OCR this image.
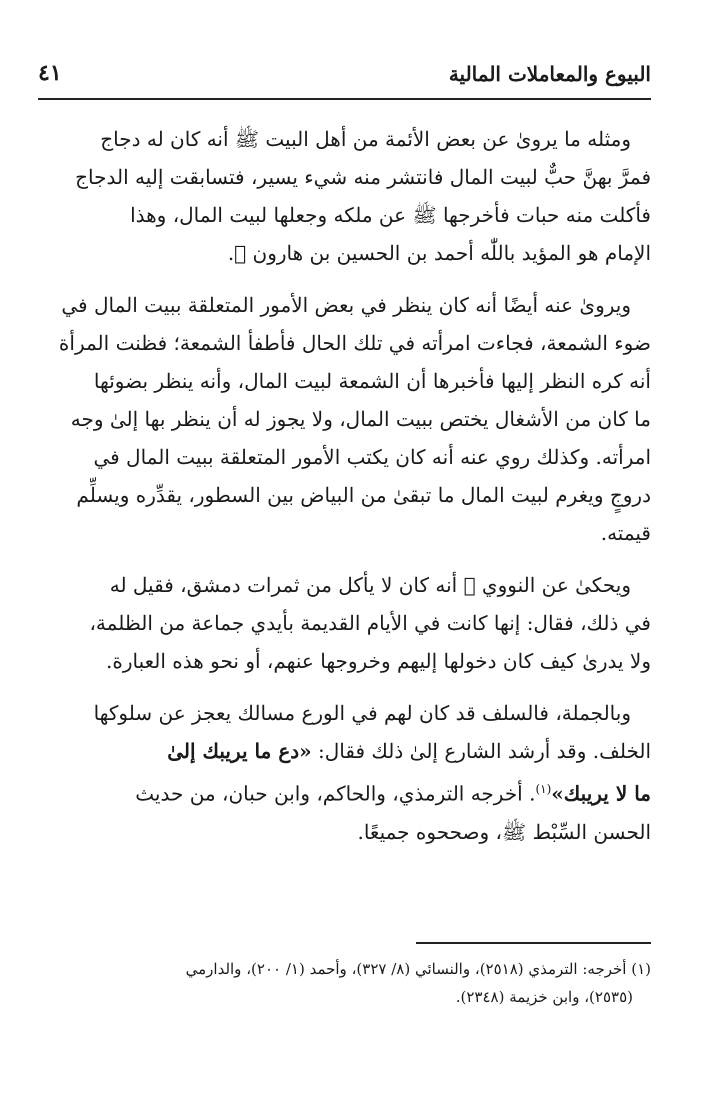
البيوع والمعاملات المالية
٤١

ومثله ما يروىٰ عن بعض الأئمة من أهل البيت ﷺ أنه كان له دجاج
فمرَّ بهنَّ حبٌّ لبيت المال فانتشر منه شيء يسير، فتسابقت إليه الدجاج
فأكلت منه حبات فأخرجها ﷺ عن ملكه وجعلها لبيت المال، وهذا
الإمام هو المؤيد باللّٰه أحمد بن الحسين بن هارون ﷬.

ويروىٰ عنه أيضًا أنه كان ينظر في بعض الأمور المتعلقة ببيت المال في
ضوء الشمعة، فجاءت امرأته في تلك الحال فأطفأ الشمعة؛ فظنت المرأة
أنه كره النظر إليها فأخبرها أن الشمعة لبيت المال، وأنه ينظر بضوئها
ما كان من الأشغال يختص ببيت المال، ولا يجوز له أن ينظر بها إلىٰ وجه
امرأته. وكذلك روي عنه أنه كان يكتب الأمور المتعلقة ببيت المال في
دروجٍ ويغرم لبيت المال ما تبقىٰ من البياض بين السطور، يقدِّره ويسلِّم
قيمته.

ويحكىٰ عن النووي ﷬ أنه كان لا يأكل من ثمرات دمشق، فقيل له
في ذلك، فقال: إنها كانت في الأيام القديمة بأيدي جماعة من الظلمة،
ولا يدرىٰ كيف كان دخولها إليهم وخروجها عنهم، أو نحو هذه العبارة.

وبالجملة، فالسلف قد كان لهم في الورع مسالك يعجز عن سلوكها
الخلف. وقد أرشد الشارع إلىٰ ذلك فقال: «دع ما يريبك إلىٰ
ما لا يريبك»$^{(١)}$. أخرجه الترمذي، والحاكم، وابن حبان، من حديث
الحسن السِّبْط ﷺ، وصححوه جميعًا.

(١) أخرجه: الترمذي (٢٥١٨)، والنسائي (٨/ ٣٢٧)، وأحمد (١/ ٢٠٠)، والدارمي
(٢٥٣٥)، وابن خزيمة (٢٣٤٨).
